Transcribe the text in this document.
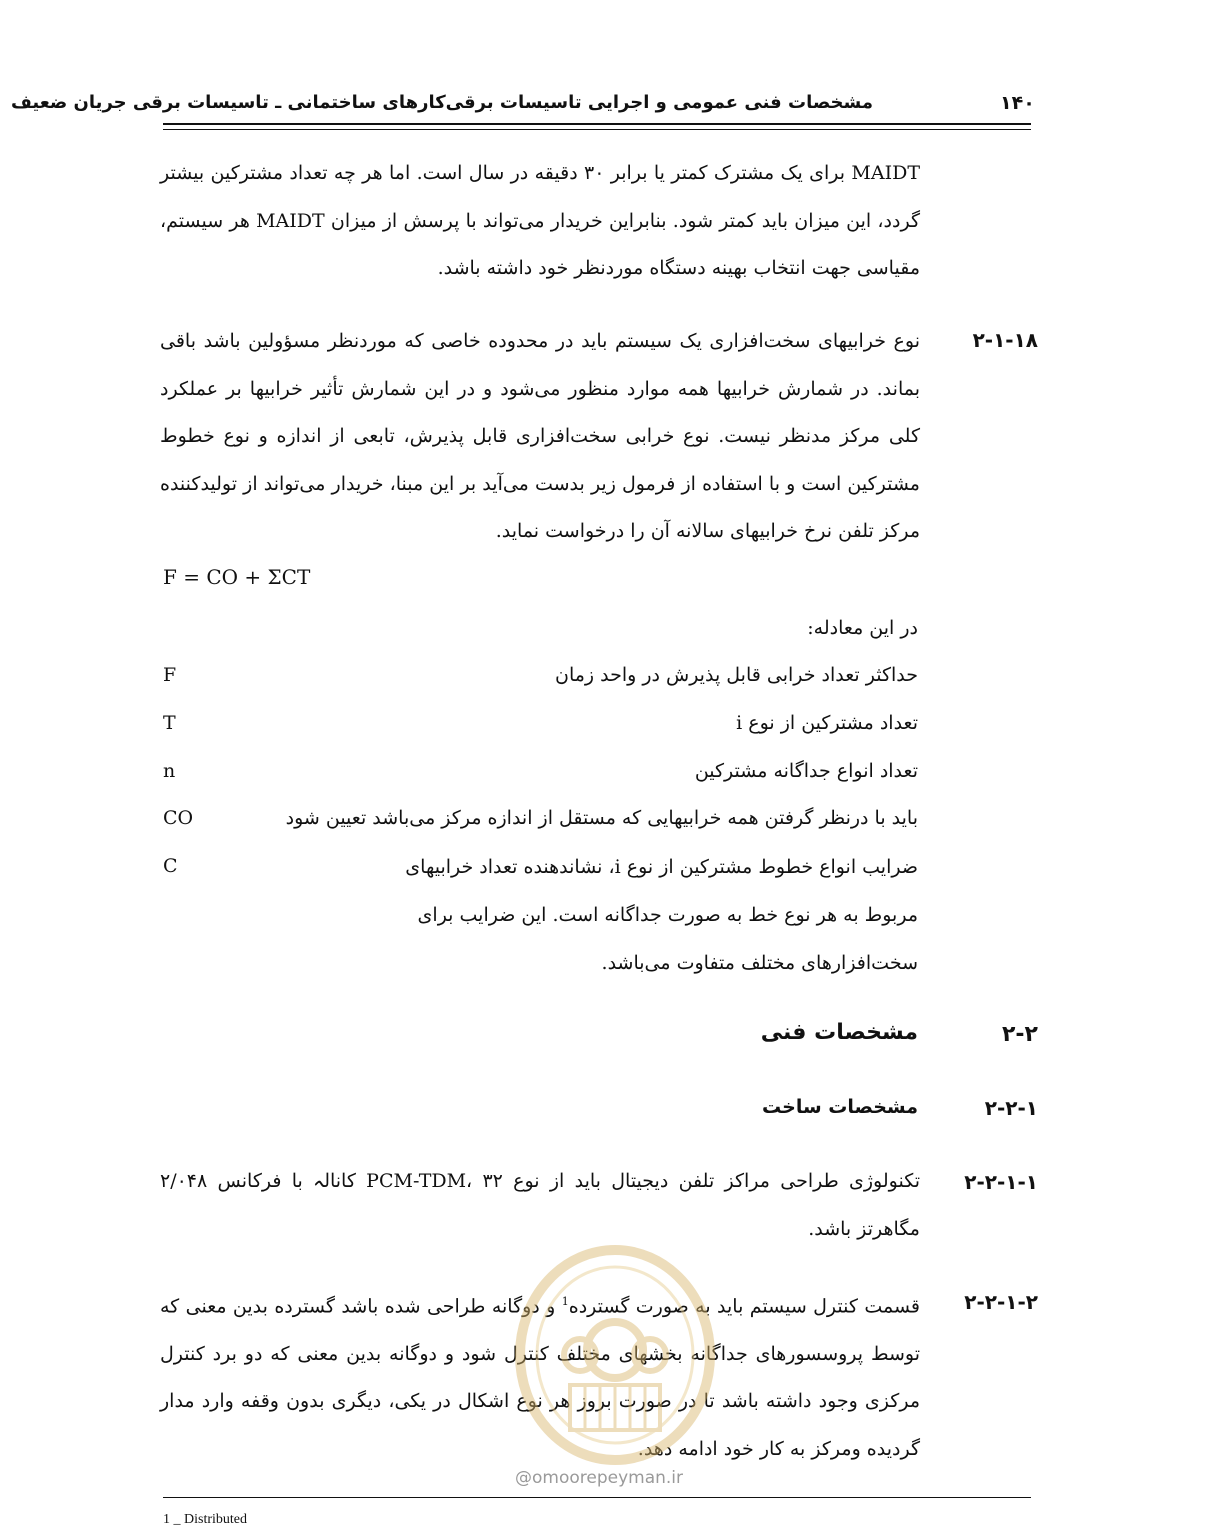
مشخصات فنی عمومی و اجرایی تاسیسات برقی‌کارهای ساختمانی ـ تاسیسات برقی جریان ضعیف	۱۴۰

MAIDT برای یک مشترک کمتر یا برابر ۳۰ دقیقه در سال است. اما هر چه تعداد مشترکین بیشتر گردد، این میزان باید کمتر شود. بنابراین خریدار می‌تواند با پرسش از میزان MAIDT هر سیستم، مقیاسی جهت انتخاب بهینه دستگاه موردنظر خود داشته باشد.

۲-۱-۱۸

نوع خرابیهای سخت‌افزاری یک سیستم باید در محدوده خاصی که موردنظر مسؤولین باشد باقی بماند. در شمارش خرابیها همه موارد منظور می‌شود و در این شمارش تأثیر خرابیها بر عملکرد کلی مرکز مدنظر نیست. نوع خرابی سخت‌افزاری قابل پذیرش، تابعی از اندازه و نوع خطوط مشترکین است و با استفاده از فرمول زیر بدست می‌آید بر این مبنا، خریدار می‌تواند از تولیدکننده مرکز تلفن نرخ خرابیهای سالانه آن را درخواست نماید.

F = CO + ΣCT
در این معادله:
F	حداکثر تعداد خرابی قابل پذیرش در واحد زمان
T	تعداد مشترکین از نوع i
n	تعداد انواع جداگانه مشترکین
CO	باید با درنظر گرفتن همه خرابیهایی که مستقل از اندازه مرکز می‌باشد تعیین شود
C	ضرایب انواع خطوط مشترکین از نوع i، نشاندهنده تعداد خرابیهای مربوط به هر نوع خط به صورت جداگانه است. این ضرایب برای سخت‌افزارهای مختلف متفاوت می‌باشد.
۲-۲
مشخصات فنی
۲-۲-۱
مشخصات ساخت
۲-۲-۱-۱

تکنولوژی طراحی مراکز تلفن دیجیتال باید از نوع PCM-TDM، ۳۲ کانالہ با فرکانس ۲/۰۴۸ مگاهرتز باشد.

۲-۲-۱-۲

قسمت کنترل سیستم باید به صورت گسترده$^1$ و دوگانه طراحی شده باشد گسترده بدین معنی که توسط پروسسورهای جداگانه بخشهای مختلف کنترل شود و دوگانه بدین معنی که دو برد کنترل مرکزی وجود داشته باشد تا در صورت بروز هر نوع اشکال در یکی، دیگری بدون وقفه وارد مدار گردیده ومرکز به کار خود ادامه دهد.

@omoorepeyman.ir
1 _ Distributed
